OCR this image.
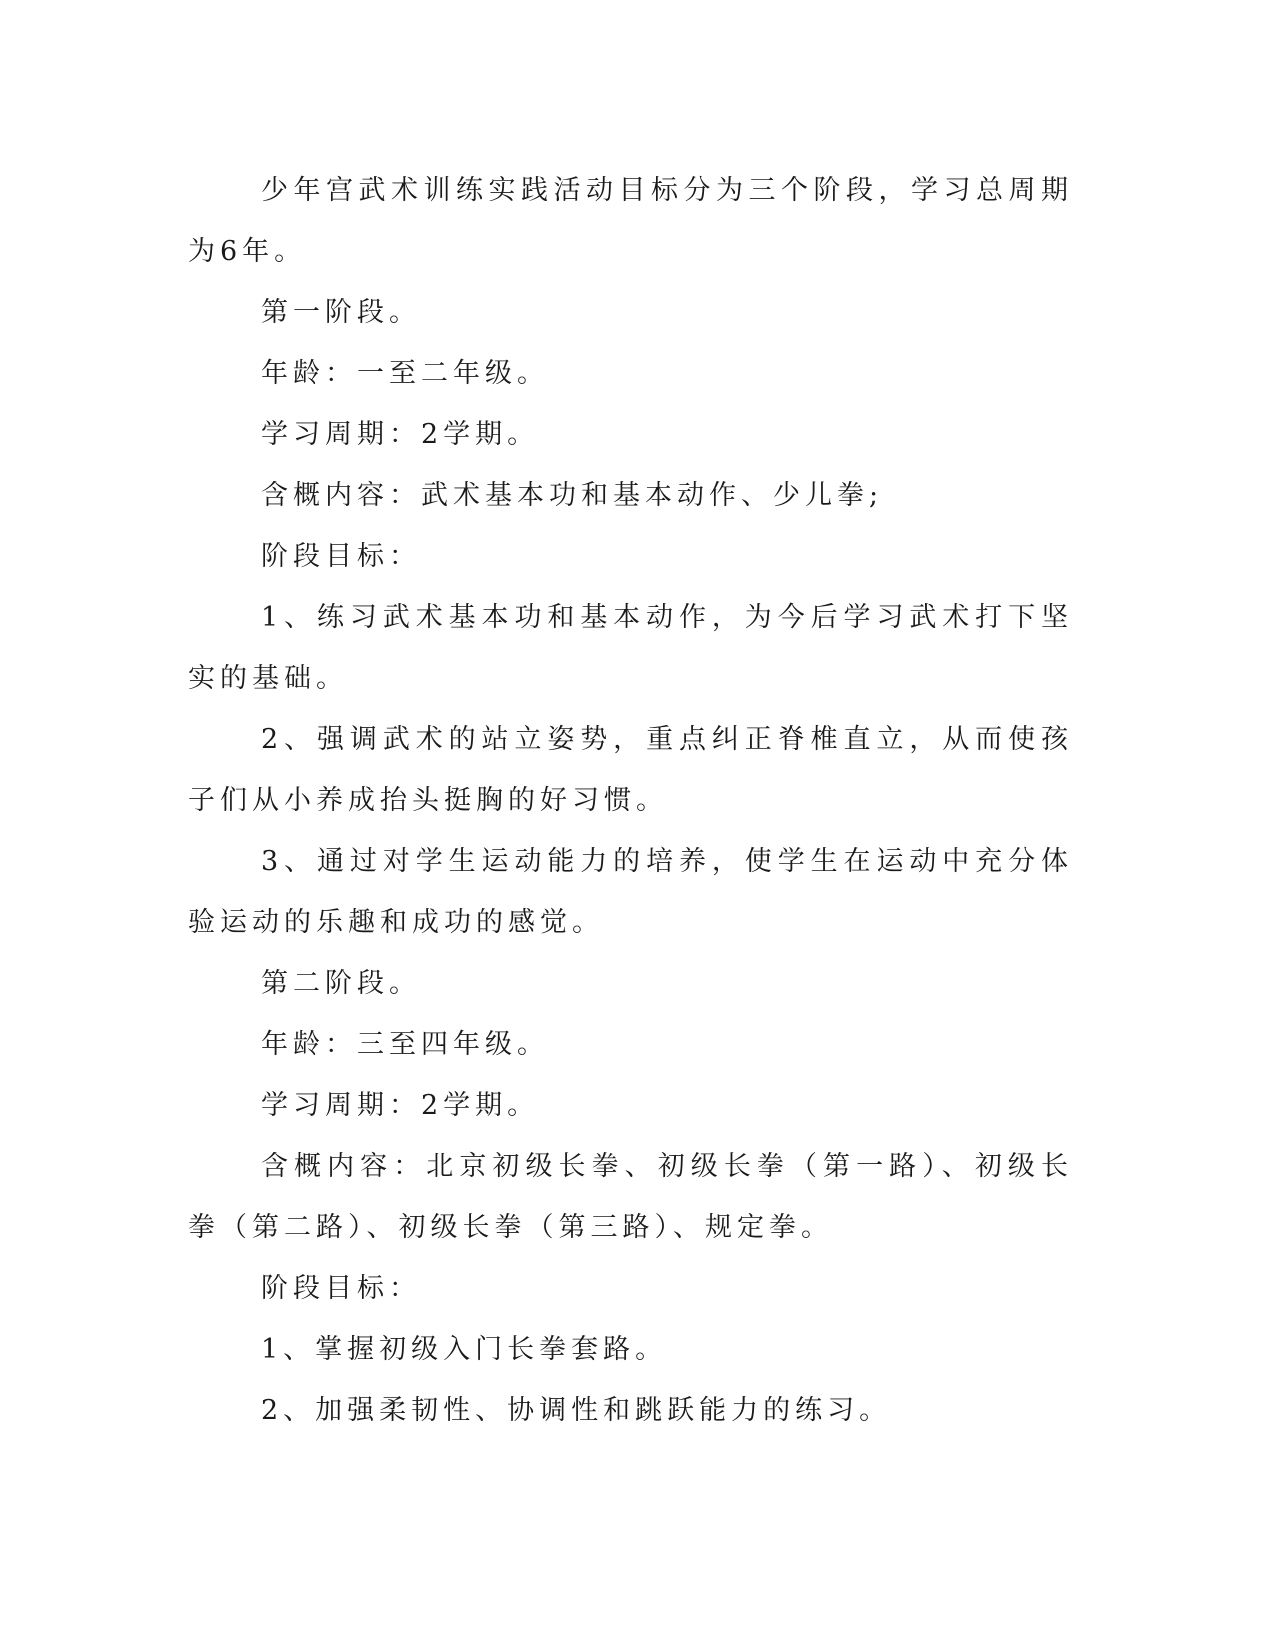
少年宫武术训练实践活动目标分为三个阶段，学习总周期为6年。

第一阶段。

年龄：一至二年级。

学习周期：2学期。

含概内容：武术基本功和基本动作、少儿拳;

阶段目标：

1、练习武术基本功和基本动作，为今后学习武术打下坚实的基础。

2、强调武术的站立姿势，重点纠正脊椎直立，从而使孩子们从小养成抬头挺胸的好习惯。

3、通过对学生运动能力的培养，使学生在运动中充分体验运动的乐趣和成功的感觉。

第二阶段。

年龄：三至四年级。

学习周期：2学期。

含概内容：北京初级长拳、初级长拳（第一路）、初级长拳（第二路）、初级长拳（第三路）、规定拳。

阶段目标：

1、掌握初级入门长拳套路。

2、加强柔韧性、协调性和跳跃能力的练习。
